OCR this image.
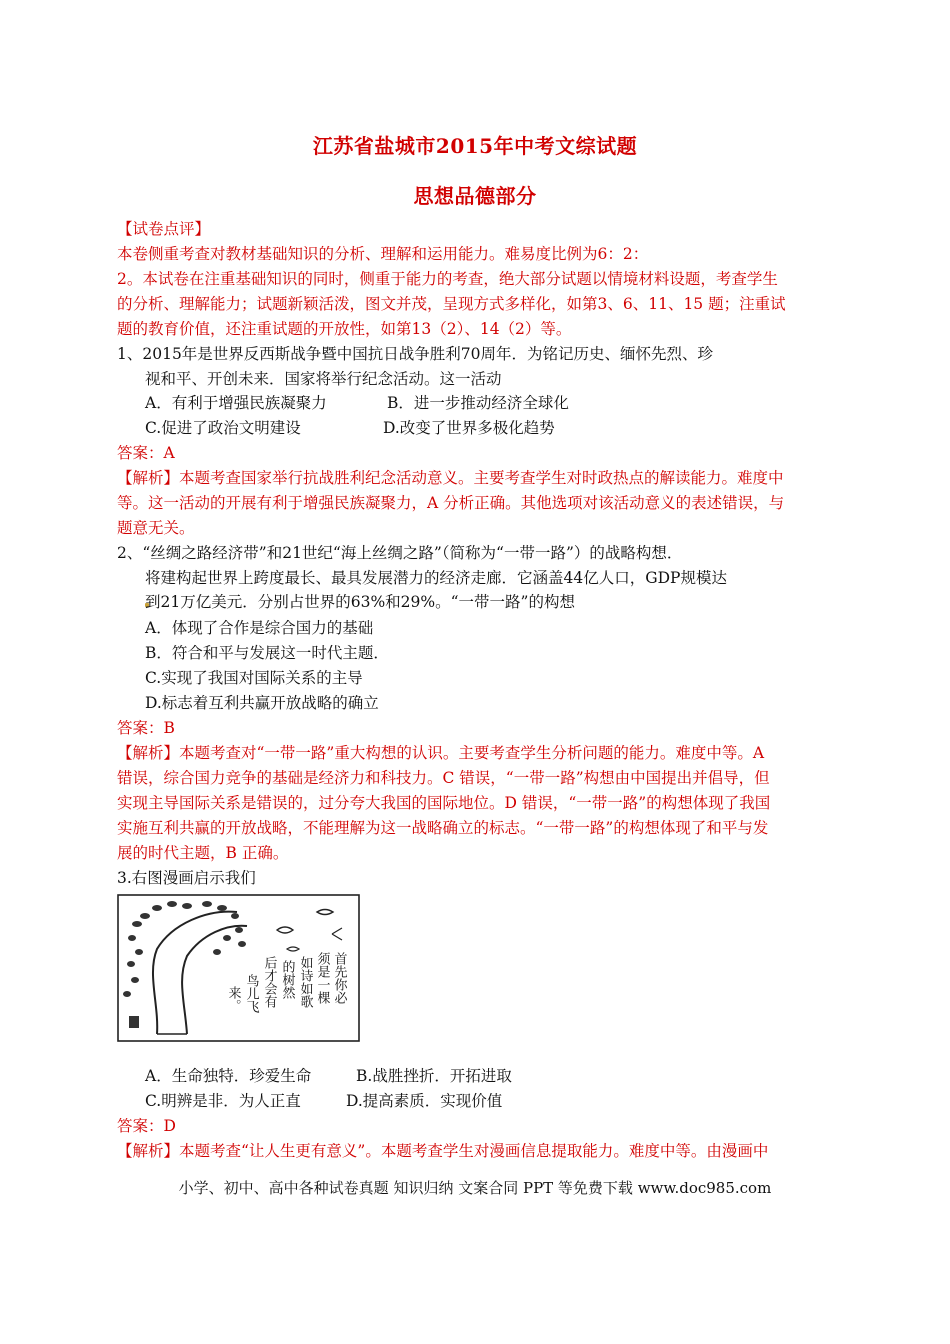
江苏省盐城市2015年中考文综试题
思想品德部分
【试卷点评】
本卷侧重考查对教材基础知识的分析、理解和运用能力。难易度比例为6：2：
2。本试卷在注重基础知识的同时，侧重于能力的考查，绝大部分试题以情境材料设题，考查学生
的分析、理解能力；试题新颖活泼，图文并茂，呈现方式多样化，如第3、6、11、15 题；注重试
题的教育价值，还注重试题的开放性，如第13（2）、14（2）等。
1、2015年是世界反西斯战争暨中国抗日战争胜利70周年．为铭记历史、缅怀先烈、珍
视和平、开创未来．国家将举行纪念活动。这一活动
A．有利于增强民族凝聚力	B．进一步推动经济全球化
C.促进了政治文明建设	D.改变了世界多极化趋势
答案：A
【解析】本题考查国家举行抗战胜利纪念活动意义。主要考查学生对时政热点的解读能力。难度中
等。这一活动的开展有利于增强民族凝聚力，A 分析正确。其他选项对该活动意义的表述错误，与
题意无关。
2、“丝绸之路经济带”和21世纪“海上丝绸之路”（简称为“一带一路”）的战略构想．
将建构起世界上跨度最长、最具发展潜力的经济走廊．它涵盖44亿人口，GDP规模达
到21万亿美元．分别占世界的63%和29%。“一带一路”的构想
A．体现了合作是综合国力的基础
B．符合和平与发展这一时代主题．
C.实现了我国对国际关系的主导
D.标志着互利共赢开放战略的确立
答案：B
【解析】本题考查对“一带一路”重大构想的认识。主要考查学生分析问题的能力。难度中等。A
错误，综合国力竞争的基础是经济力和科技力。C 错误，“一带一路”构想由中国提出并倡导，但
实现主导国际关系是错误的，过分夸大我国的国际地位。D 错误，“一带一路”的构想体现了我国
实施互利共赢的开放战略，不能理解为这一战略确立的标志。“一带一路”的构想体现了和平与发
展的时代主题，B 正确。
3.右图漫画启示我们
首先你必
须是一棵
如诗如歌
的树然
后才会有
鸟儿飞
来。
A．生命独特．珍爱生命	B.战胜挫折．开拓进取
C.明辨是非．为人正直	D.提高素质．实现价值
答案：D
【解析】本题考查“让人生更有意义”。本题考查学生对漫画信息提取能力。难度中等。由漫画中
小学、初中、高中各种试卷真题 知识归纳 文案合同 PPT 等免费下载 www.doc985.com
